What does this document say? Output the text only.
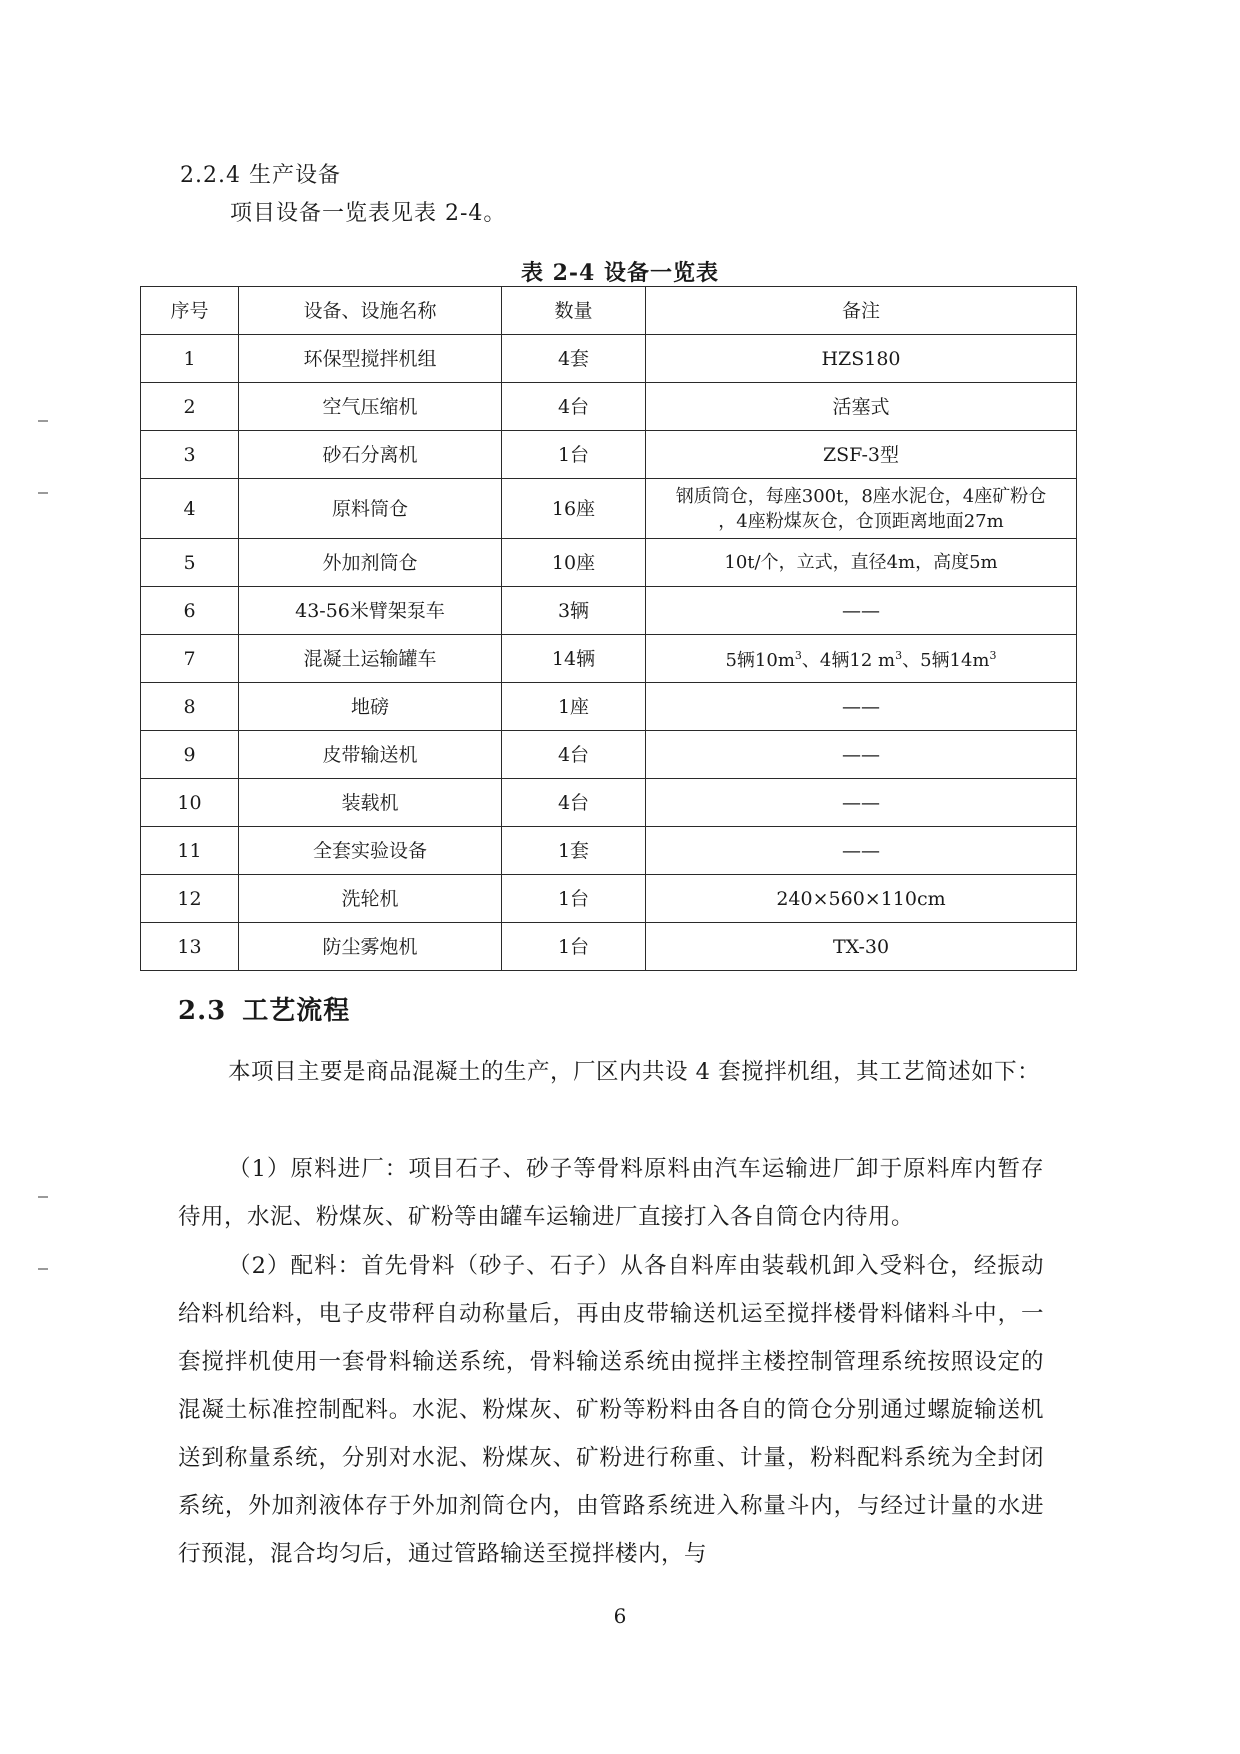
2.2.4 生产设备
项目设备一览表见表 2-4。
表 2-4 设备一览表
序号	设备、设施名称	数量	备注
1	环保型搅拌机组	4套	HZS180
2	空气压缩机	4台	活塞式
3	砂石分离机	1台	ZSF-3型
4	原料筒仓	16座	钢质筒仓，每座300t，8座水泥仓，4座矿粉仓
，4座粉煤灰仓，仓顶距离地面27m

5	外加剂筒仓	10座	10t/个，立式，直径4m，高度5m
6	43-56米臂架泵车	3辆	——
7	混凝土运输罐车	14辆	5辆$10m^3$、4辆12 $m^3$、5辆$14m^3$
8	地磅	1座	——
9	皮带输送机	4台	——
10	装载机	4台	——
11	全套实验设备	1套	——
12	洗轮机	1台	240×560×110cm
13	防尘雾炮机	1台	TX-30
2.3 工艺流程
本项目主要是商品混凝土的生产，厂区内共设 4 套搅拌机组，其工艺简述如下：
（1）原料进厂：项目石子、砂子等骨料原料由汽车运输进厂卸于原料库内暂存待用，水泥、粉煤灰、矿粉等由罐车运输进厂直接打入各自筒仓内待用。
（2）配料：首先骨料（砂子、石子）从各自料库由装载机卸入受料仓，经振动给料机给料，电子皮带秤自动称量后，再由皮带输送机运至搅拌楼骨料储料斗中，一套搅拌机使用一套骨料输送系统，骨料输送系统由搅拌主楼控制管理系统按照设定的混凝土标准控制配料。水泥、粉煤灰、矿粉等粉料由各自的筒仓分别通过螺旋输送机送到称量系统，分别对水泥、粉煤灰、矿粉进行称重、计量，粉料配料系统为全封闭系统，外加剂液体存于外加剂筒仓内，由管路系统进入称量斗内，与经过计量的水进行预混，混合均匀后，通过管路输送至搅拌楼内，与
6
